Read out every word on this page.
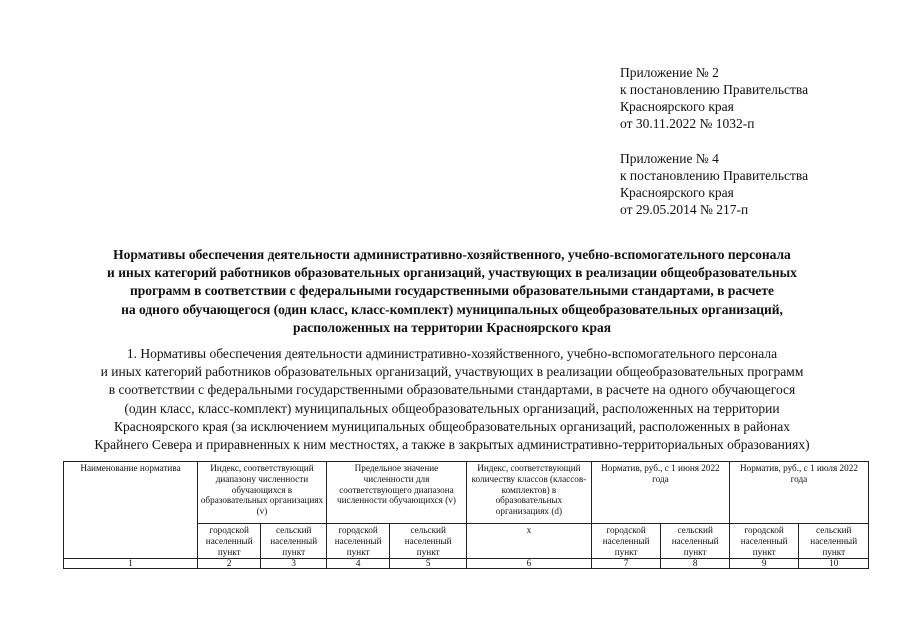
Приложение № 2
к постановлению Правительства
Красноярского края
от 30.11.2022 № 1032-п
Приложение № 4
к постановлению Правительства
Красноярского края
от 29.05.2014 № 217-п
Нормативы обеспечения деятельности административно-хозяйственного, учебно-вспомогательного персонала
и иных категорий работников образовательных организаций, участвующих в реализации общеобразовательных
программ в соответствии с федеральными государственными образовательными стандартами, в расчете
на одного обучающегося (один класс, класс-комплект) муниципальных общеобразовательных организаций,
расположенных на территории Красноярского края
1. Нормативы обеспечения деятельности административно-хозяйственного, учебно-вспомогательного персонала
и иных категорий работников образовательных организаций, участвующих в реализации общеобразовательных программ
в соответствии с федеральными государственными образовательными стандартами, в расчете на одного обучающегося
(один класс, класс-комплект) муниципальных общеобразовательных организаций, расположенных на территории
Красноярского края (за исключением муниципальных общеобразовательных организаций, расположенных в районах
Крайнего Севера и приравненных к ним местностях, а также в закрытых административно-территориальных образованиях)
Наименование норматива	Индекс, соответствующий диапазону численности обучающихся в образовательных организациях (v)		Предельное значение численности для соответствующего диапазона численности обучающихся (v)		Индекс, соответствующий количеству классов (классов-комплектов) в образовательных организациях (d)	Норматив, руб., с 1 июня 2022 года		Норматив, руб., с 1 июля 2022 года	
	городской населенный пункт	сельский населенный пункт	городской населенный пункт	сельский населенный пункт	х	городской населенный пункт	сельский населенный пункт	городской населенный пункт	сельский населенный пункт
1	2	3	4	5	6	7	8	9	10
